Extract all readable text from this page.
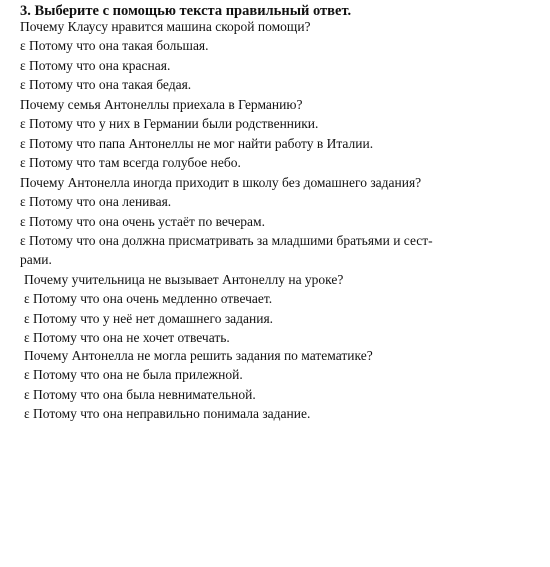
3. Выберите с помощью текста правильный ответ.
Почему Клаусу нравится машина скорой помощи?
ε Потому что она такая большая.
ε Потому что она красная.
ε Потому что она такая бедая.
Почему семья Антонеллы приехала в Германию?
ε Потому что у них в Германии были родственники.
ε Потому что папа Антонеллы не мог найти работу в Италии.
ε Потому что там всегда голубое небо.
Почему Антонелла иногда приходит в школу без домашнего задания?
ε Потому что она ленивая.
ε Потому что она очень устаёт по вечерам.
ε Потому что она должна присматривать за младшими братьями и сест-
рами.
Почему учительница не вызывает Антонеллу на уроке?
ε Потому что она очень медленно отвечает.
ε Потому что у неё нет домашнего задания.
ε Потому что она не хочет отвечать.
Почему Антонелла не могла решить задания по математике?
ε Потому что она не была прилежной.
ε Потому что она была невнимательной.
ε Потому что она неправильно понимала задание.
